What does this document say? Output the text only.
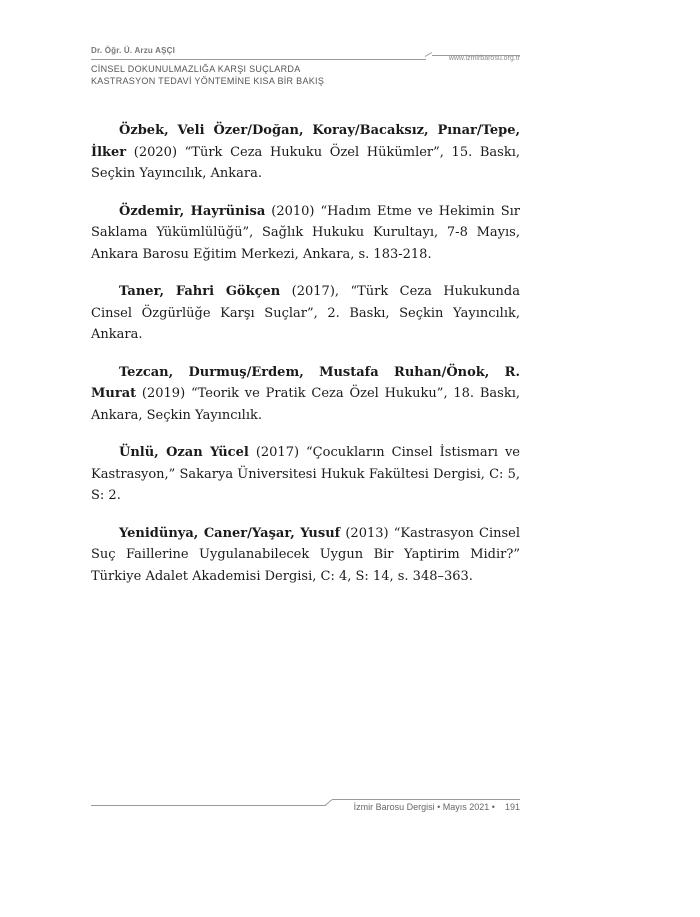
Dr. Öğr. Ü. Arzu AŞÇI
www.izmirbarosu.org.tr
CİNSEL DOKUNULMAZLIĞA KARŞI SUÇLARDA
KASTRASYON TEDAVİ YÖNTEMİNE KISA BİR BAKIŞ

Özbek, Veli Özer/Doğan, Koray/Bacaksız, Pınar/Tepe, İlker (2020) “Türk Ceza Hukuku Özel Hükümler”, 15. Baskı, Seçkin Yayıncılık, Ankara.

Özdemir, Hayrünisa (2010) “Hadım Etme ve Hekimin Sır Saklama Yükümlülüğü”, Sağlık Hukuku Kurultayı, 7-8 Mayıs, Ankara Barosu Eğitim Merkezi, Ankara, s. 183-218.

Taner, Fahri Gökçen (2017), “Türk Ceza Hukukunda Cinsel Özgürlüğe Karşı Suçlar”, 2. Baskı, Seçkin Yayıncılık, Ankara.

Tezcan, Durmuş/Erdem, Mustafa Ruhan/Önok, R. Murat (2019) “Teorik ve Pratik Ceza Özel Hukuku”, 18. Baskı, Ankara, Seçkin Yayıncılık.

Ünlü, Ozan Yücel (2017) “Çocukların Cinsel İstismarı ve Kastrasyon,” Sakarya Üniversitesi Hukuk Fakültesi Dergisi, C: 5, S: 2.

Yenidünya, Caner/Yaşar, Yusuf (2013) “Kastrasyon Cinsel Suç Faillerine Uygulanabilecek Uygun Bir Yaptirim Midir?” Türkiye Adalet Akademisi Dergisi, C: 4, S: 14, s. 348–363.

İzmir Barosu Dergisi • Mayıs 2021 • 191
